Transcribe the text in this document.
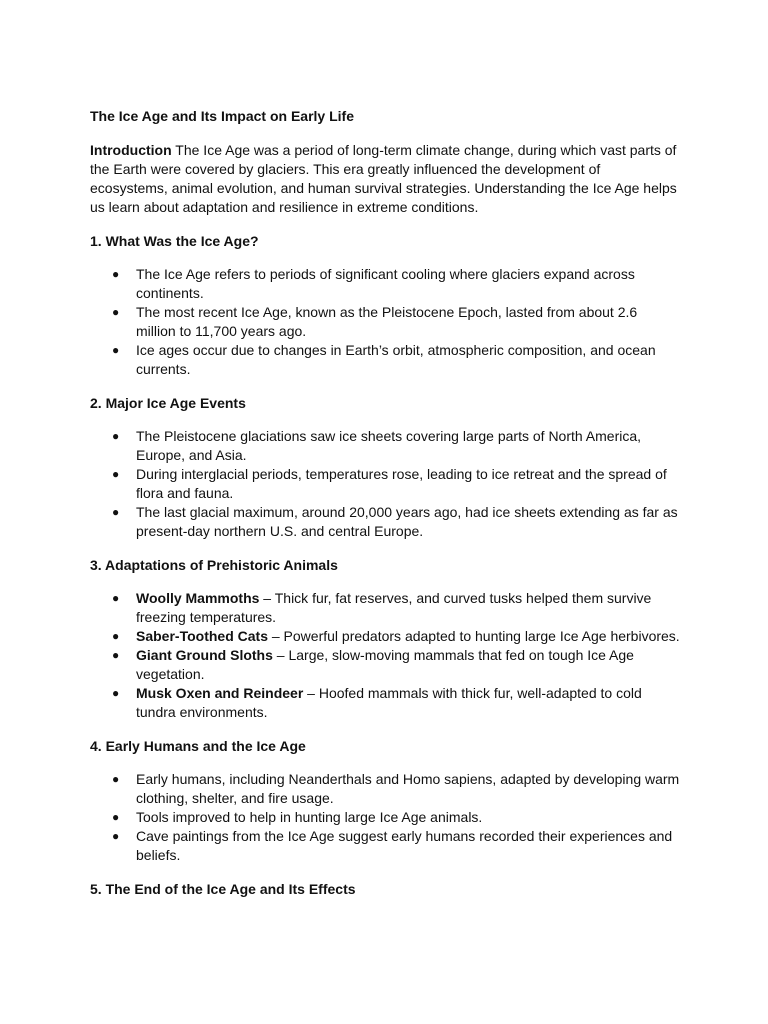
The Ice Age and Its Impact on Early Life

Introduction The Ice Age was a period of long-term climate change, during which vast parts of the Earth were covered by glaciers. This era greatly influenced the development of ecosystems, animal evolution, and human survival strategies. Understanding the Ice Age helps us learn about adaptation and resilience in extreme conditions.

1. What Was the Ice Age?
● The Ice Age refers to periods of significant cooling where glaciers expand across continents.
● The most recent Ice Age, known as the Pleistocene Epoch, lasted from about 2.6 million to 11,700 years ago.
● Ice ages occur due to changes in Earth’s orbit, atmospheric composition, and ocean currents.
2. Major Ice Age Events
● The Pleistocene glaciations saw ice sheets covering large parts of North America, Europe, and Asia.
● During interglacial periods, temperatures rose, leading to ice retreat and the spread of flora and fauna.
● The last glacial maximum, around 20,000 years ago, had ice sheets extending as far as present-day northern U.S. and central Europe.
3. Adaptations of Prehistoric Animals
● Woolly Mammoths – Thick fur, fat reserves, and curved tusks helped them survive freezing temperatures.
● Saber-Toothed Cats – Powerful predators adapted to hunting large Ice Age herbivores.
● Giant Ground Sloths – Large, slow-moving mammals that fed on tough Ice Age vegetation.
● Musk Oxen and Reindeer – Hoofed mammals with thick fur, well-adapted to cold tundra environments.
4. Early Humans and the Ice Age
● Early humans, including Neanderthals and Homo sapiens, adapted by developing warm clothing, shelter, and fire usage.
● Tools improved to help in hunting large Ice Age animals.
● Cave paintings from the Ice Age suggest early humans recorded their experiences and beliefs.
5. The End of the Ice Age and Its Effects
